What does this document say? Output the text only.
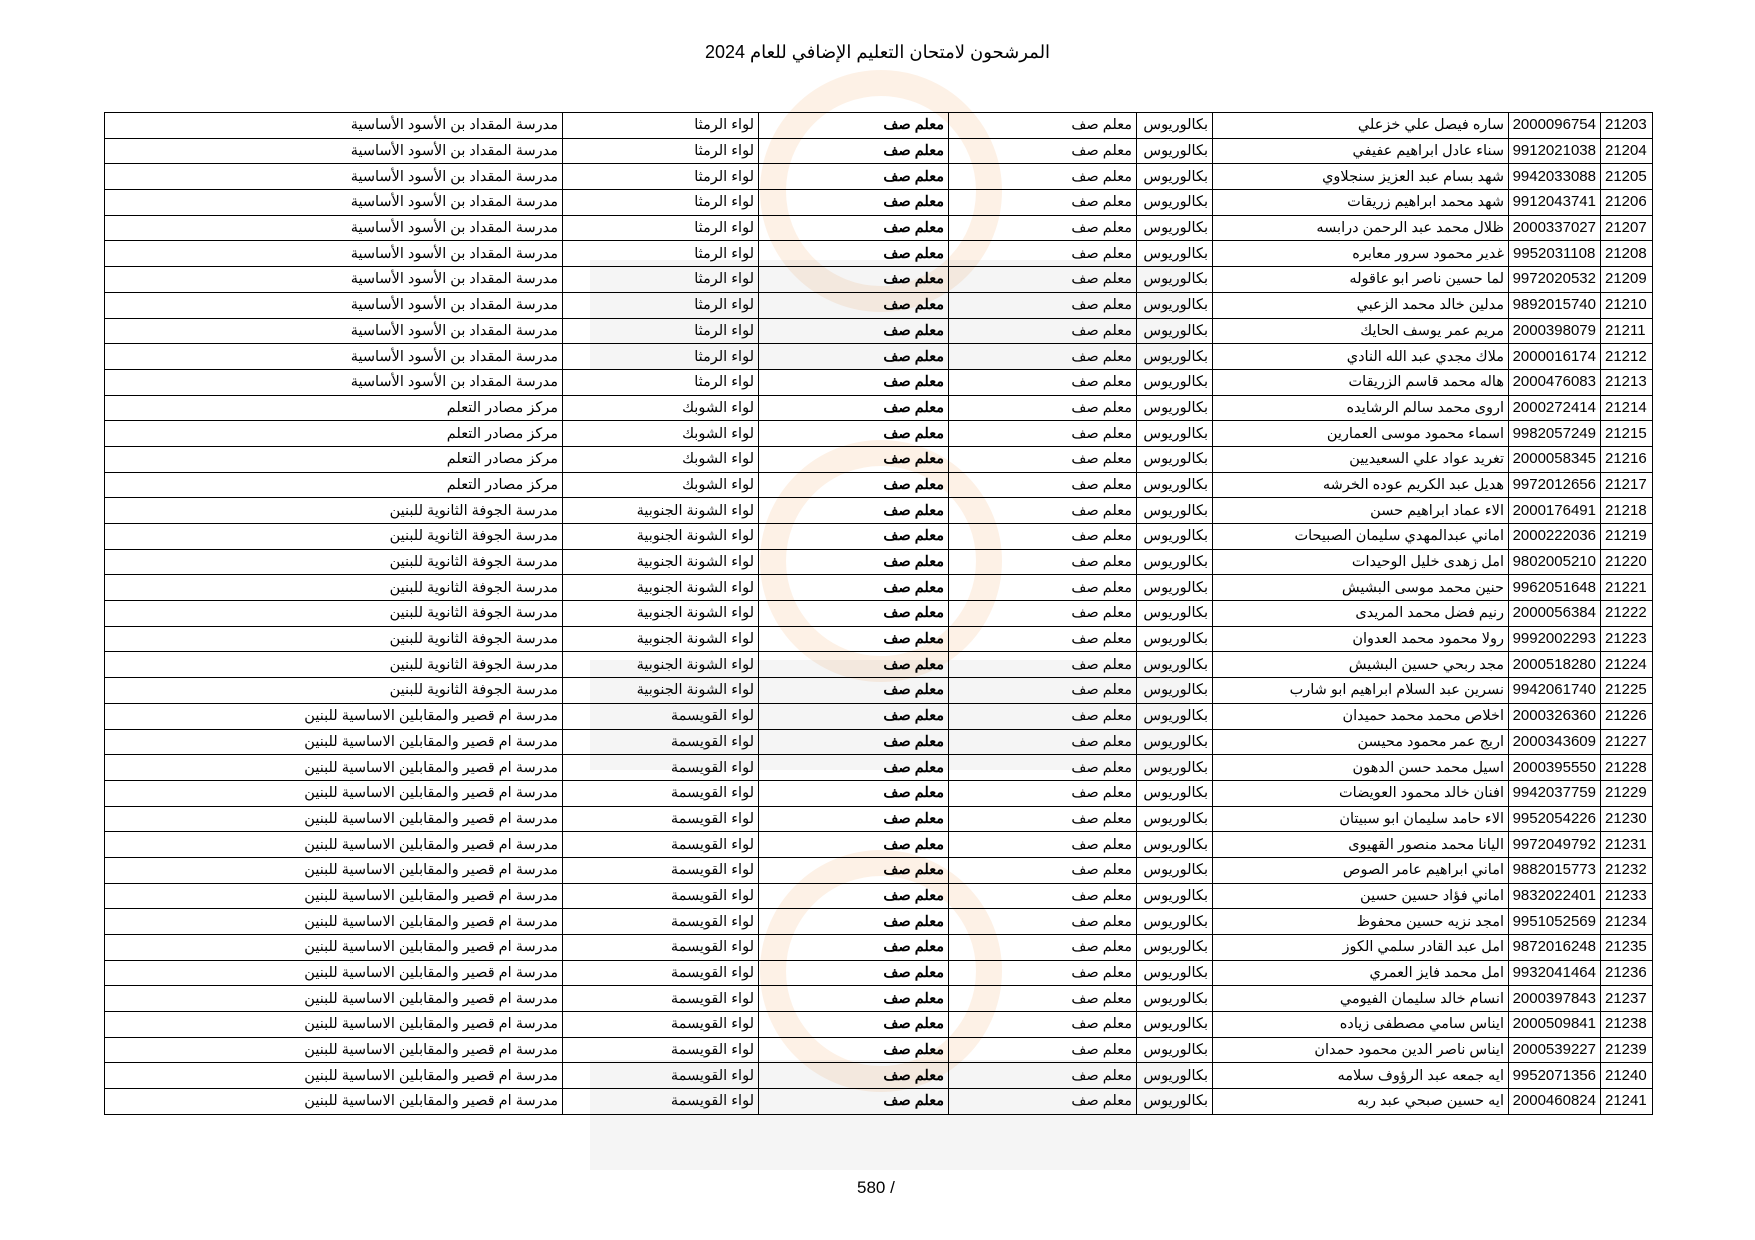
المرشحون لامتحان التعليم الإضافي للعام 2024
21203	2000096754	ساره فيصل علي خزعلي	بكالوريوس	معلم صف	معلم صف	لواء الرمثا	مدرسة المقداد بن الأسود الأساسية
21204	9912021038	سناء عادل ابراهيم عفيفي	بكالوريوس	معلم صف	معلم صف	لواء الرمثا	مدرسة المقداد بن الأسود الأساسية
21205	9942033088	شهد بسام عبد العزيز سنجلاوي	بكالوريوس	معلم صف	معلم صف	لواء الرمثا	مدرسة المقداد بن الأسود الأساسية
21206	9912043741	شهد محمد ابراهيم زريقات	بكالوريوس	معلم صف	معلم صف	لواء الرمثا	مدرسة المقداد بن الأسود الأساسية
21207	2000337027	ظلال محمد عبد الرحمن درابسه	بكالوريوس	معلم صف	معلم صف	لواء الرمثا	مدرسة المقداد بن الأسود الأساسية
21208	9952031108	غدير محمود سرور معابره	بكالوريوس	معلم صف	معلم صف	لواء الرمثا	مدرسة المقداد بن الأسود الأساسية
21209	9972020532	لما حسين ناصر ابو عاقوله	بكالوريوس	معلم صف	معلم صف	لواء الرمثا	مدرسة المقداد بن الأسود الأساسية
21210	9892015740	مدلين خالد محمد الزعبي	بكالوريوس	معلم صف	معلم صف	لواء الرمثا	مدرسة المقداد بن الأسود الأساسية
21211	2000398079	مريم عمر يوسف الحايك	بكالوريوس	معلم صف	معلم صف	لواء الرمثا	مدرسة المقداد بن الأسود الأساسية
21212	2000016174	ملاك مجدي عبد الله النادي	بكالوريوس	معلم صف	معلم صف	لواء الرمثا	مدرسة المقداد بن الأسود الأساسية
21213	2000476083	هاله محمد قاسم الزريقات	بكالوريوس	معلم صف	معلم صف	لواء الرمثا	مدرسة المقداد بن الأسود الأساسية
21214	2000272414	اروى محمد سالم الرشايده	بكالوريوس	معلم صف	معلم صف	لواء الشوبك	مركز مصادر التعلم
21215	9982057249	اسماء محمود موسى العمارين	بكالوريوس	معلم صف	معلم صف	لواء الشوبك	مركز مصادر التعلم
21216	2000058345	تغريد عواد علي السعيديين	بكالوريوس	معلم صف	معلم صف	لواء الشوبك	مركز مصادر التعلم
21217	9972012656	هديل عبد الكريم عوده الخرشه	بكالوريوس	معلم صف	معلم صف	لواء الشوبك	مركز مصادر التعلم
21218	2000176491	الاء عماد ابراهيم حسن	بكالوريوس	معلم صف	معلم صف	لواء الشونة الجنوبية	مدرسة الجوفة الثانوية للبنين
21219	2000222036	اماني عبدالمهدي سليمان الصبيحات	بكالوريوس	معلم صف	معلم صف	لواء الشونة الجنوبية	مدرسة الجوفة الثانوية للبنين
21220	9802005210	امل زهدى خليل الوحيدات	بكالوريوس	معلم صف	معلم صف	لواء الشونة الجنوبية	مدرسة الجوفة الثانوية للبنين
21221	9962051648	حنين محمد موسى البشيش	بكالوريوس	معلم صف	معلم صف	لواء الشونة الجنوبية	مدرسة الجوفة الثانوية للبنين
21222	2000056384	رنيم فضل محمد المريدى	بكالوريوس	معلم صف	معلم صف	لواء الشونة الجنوبية	مدرسة الجوفة الثانوية للبنين
21223	9992002293	رولا محمود محمد العدوان	بكالوريوس	معلم صف	معلم صف	لواء الشونة الجنوبية	مدرسة الجوفة الثانوية للبنين
21224	2000518280	مجد ربحي حسين البشيش	بكالوريوس	معلم صف	معلم صف	لواء الشونة الجنوبية	مدرسة الجوفة الثانوية للبنين
21225	9942061740	نسرين عبد السلام ابراهيم ابو شارب	بكالوريوس	معلم صف	معلم صف	لواء الشونة الجنوبية	مدرسة الجوفة الثانوية للبنين
21226	2000326360	اخلاص محمد محمد حميدان	بكالوريوس	معلم صف	معلم صف	لواء القويسمة	مدرسة ام قصير والمقابلين الاساسية للبنين
21227	2000343609	اريج عمر محمود محيسن	بكالوريوس	معلم صف	معلم صف	لواء القويسمة	مدرسة ام قصير والمقابلين الاساسية للبنين
21228	2000395550	اسيل محمد حسن الدهون	بكالوريوس	معلم صف	معلم صف	لواء القويسمة	مدرسة ام قصير والمقابلين الاساسية للبنين
21229	9942037759	افنان خالد محمود العويضات	بكالوريوس	معلم صف	معلم صف	لواء القويسمة	مدرسة ام قصير والمقابلين الاساسية للبنين
21230	9952054226	الاء حامد سليمان ابو سبيتان	بكالوريوس	معلم صف	معلم صف	لواء القويسمة	مدرسة ام قصير والمقابلين الاساسية للبنين
21231	9972049792	اليانا محمد منصور القهيوى	بكالوريوس	معلم صف	معلم صف	لواء القويسمة	مدرسة ام قصير والمقابلين الاساسية للبنين
21232	9882015773	اماني ابراهيم عامر الصوص	بكالوريوس	معلم صف	معلم صف	لواء القويسمة	مدرسة ام قصير والمقابلين الاساسية للبنين
21233	9832022401	اماني فؤاد حسين حسين	بكالوريوس	معلم صف	معلم صف	لواء القويسمة	مدرسة ام قصير والمقابلين الاساسية للبنين
21234	9951052569	امجد نزيه حسين محفوظ	بكالوريوس	معلم صف	معلم صف	لواء القويسمة	مدرسة ام قصير والمقابلين الاساسية للبنين
21235	9872016248	امل عبد القادر سلمي الكوز	بكالوريوس	معلم صف	معلم صف	لواء القويسمة	مدرسة ام قصير والمقابلين الاساسية للبنين
21236	9932041464	امل محمد فايز العمري	بكالوريوس	معلم صف	معلم صف	لواء القويسمة	مدرسة ام قصير والمقابلين الاساسية للبنين
21237	2000397843	انسام خالد سليمان الفيومي	بكالوريوس	معلم صف	معلم صف	لواء القويسمة	مدرسة ام قصير والمقابلين الاساسية للبنين
21238	2000509841	ايناس سامي مصطفى زياده	بكالوريوس	معلم صف	معلم صف	لواء القويسمة	مدرسة ام قصير والمقابلين الاساسية للبنين
21239	2000539227	ايناس ناصر الدين محمود حمدان	بكالوريوس	معلم صف	معلم صف	لواء القويسمة	مدرسة ام قصير والمقابلين الاساسية للبنين
21240	9952071356	ايه جمعه عبد الرؤوف سلامه	بكالوريوس	معلم صف	معلم صف	لواء القويسمة	مدرسة ام قصير والمقابلين الاساسية للبنين
21241	2000460824	ايه حسين صبحي عبد ربه	بكالوريوس	معلم صف	معلم صف	لواء القويسمة	مدرسة ام قصير والمقابلين الاساسية للبنين
580 /
